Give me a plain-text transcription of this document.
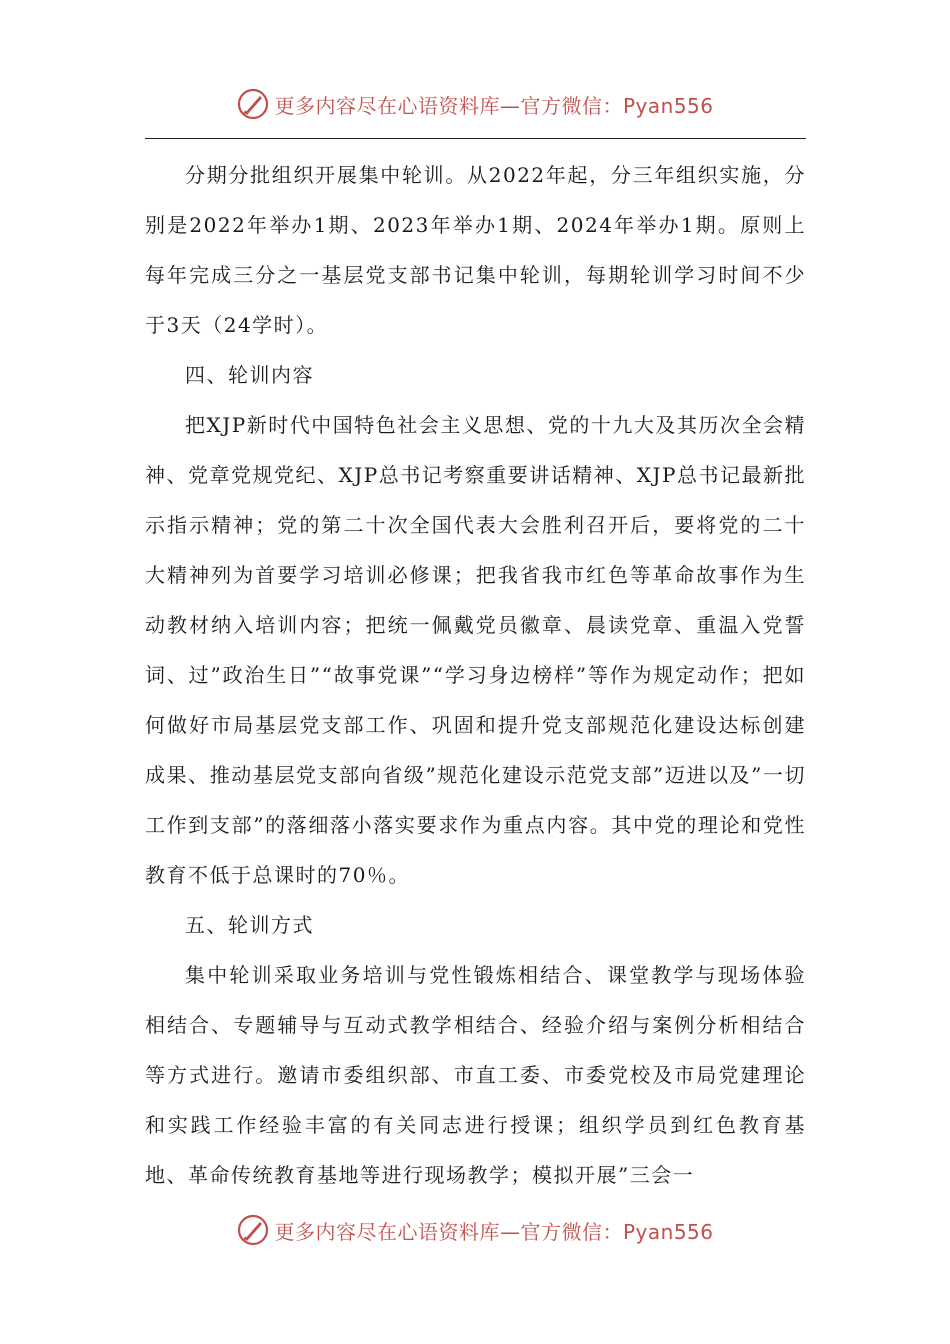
更多内容尽在心语资料库—官方微信：Pyan556

分期分批组织开展集中轮训。从2022年起，分三年组织实施，分别是2022年举办1期、2023年举办1期、2024年举办1期。原则上每年完成三分之一基层党支部书记集中轮训，每期轮训学习时间不少于3天（24学时）。

四、轮训内容

把XJP新时代中国特色社会主义思想、党的十九大及其历次全会精神、党章党规党纪、XJP总书记考察重要讲话精神、XJP总书记最新批示指示精神；党的第二十次全国代表大会胜利召开后，要将党的二十大精神列为首要学习培训必修课；把我省我市红色等革命故事作为生动教材纳入培训内容；把统一佩戴党员徽章、晨读党章、重温入党誓词、过”政治生日”“故事党课”“学习身边榜样”等作为规定动作；把如何做好市局基层党支部工作、巩固和提升党支部规范化建设达标创建成果、推动基层党支部向省级”规范化建设示范党支部”迈进以及”一切工作到支部”的落细落小落实要求作为重点内容。其中党的理论和党性教育不低于总课时的70％。

五、轮训方式

集中轮训采取业务培训与党性锻炼相结合、课堂教学与现场体验相结合、专题辅导与互动式教学相结合、经验介绍与案例分析相结合等方式进行。邀请市委组织部、市直工委、市委党校及市局党建理论和实践工作经验丰富的有关同志进行授课；组织学员到红色教育基地、革命传统教育基地等进行现场教学；模拟开展”三会一

更多内容尽在心语资料库—官方微信：Pyan556
